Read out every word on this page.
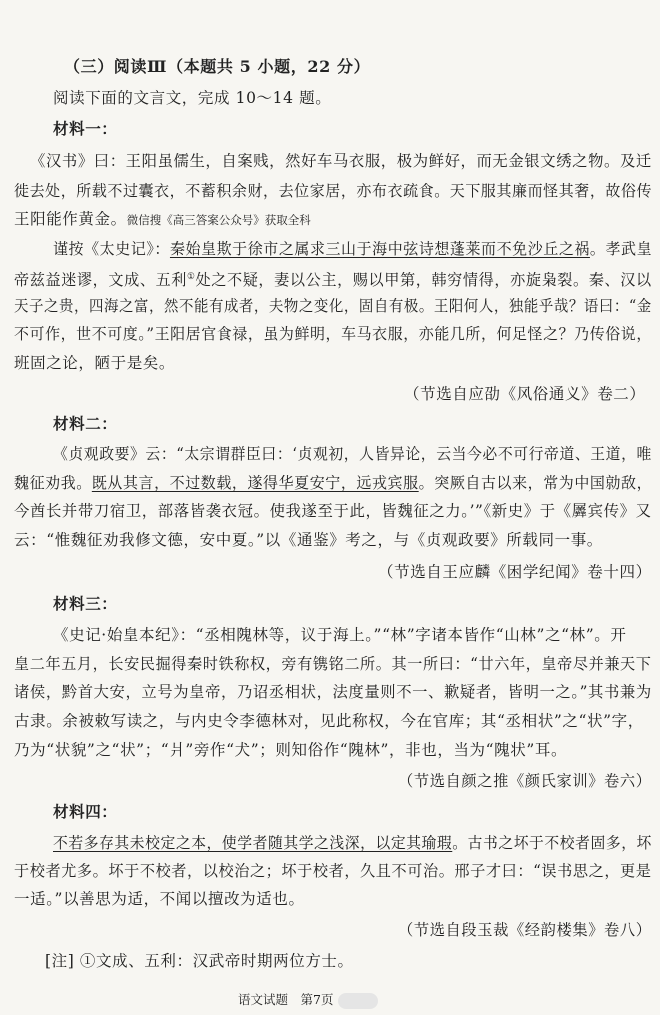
（三）阅读Ⅲ（本题共 5 小题，22 分）
阅读下面的文言文，完成 10～14 题。
材料一：
《汉书》曰：王阳虽儒生，自案贱，然好车马衣服，极为鲜好，而无金银文绣之物。及迁
徙去处，所载不过囊衣，不蓄积余财，去位家居，亦布衣疏食。天下服其廉而怪其奢，故俗传
王阳能作黄金。微信搜《高三答案公众号》获取全科
谨按《太史记》：秦始皇欺于徐市之属求三山于海中弦诗想蓬莱而不免沙丘之祸。孝武皇
帝兹益迷谬，文成、五利①处之不疑，妻以公主，赐以甲第，韩穷情得，亦旋枭裂。秦、汉以
天子之贵，四海之富，然不能有成者，夫物之变化，固自有极。王阳何人，独能乎哉？语曰：“金
不可作，世不可度。”王阳居官食禄，虽为鲜明，车马衣服，亦能几所，何足怪之？乃传俗说，
班固之论，陋于是矣。
（节选自应劭《风俗通义》卷二）
材料二：
《贞观政要》云：“太宗谓群臣曰：‘贞观初，人皆异论，云当今必不可行帝道、王道，唯
魏征劝我。既从其言，不过数载，遂得华夏安宁，远戎宾服。突厥自古以来，常为中国勍敌，
今酋长并带刀宿卫，部落皆袭衣冠。使我遂至于此，皆魏征之力。’”《新史》于《羼宾传》又
云：“惟魏征劝我修文德，安中夏。”以《通鉴》考之，与《贞观政要》所载同一事。
（节选自王应麟《困学纪闻》卷十四）
材料三：
《史记·始皇本纪》：“丞相隗林等，议于海上。”“林”字诸本皆作“山林”之“林”。开
皇二年五月，长安民掘得秦时铁称权，旁有镌铭二所。其一所曰：“廿六年，皇帝尽并兼天下
诸侯，黔首大安，立号为皇帝，乃诏丞相状，法度量则不一、歉疑者，皆明一之。”其书兼为
古隶。余被敕写读之，与内史令李德林对，见此称权，今在官库；其“丞相状”之“状”字，
乃为“状貌”之“状”；“爿”旁作“犬”；则知俗作“隗林”，非也，当为“隗状”耳。
（节选自颜之推《颜氏家训》卷六）
材料四：
不若多存其未校定之本，使学者随其学之浅深，以定其瑜瑕。古书之坏于不校者固多，坏
于校者尤多。坏于不校者，以校治之；坏于校者，久且不可治。邢子才曰：“误书思之，更是
一适。”以善思为适，不闻以擅改为适也。
（节选自段玉裁《经韵楼集》卷八）
[注] ①文成、五利：汉武帝时期两位方士。
语文试题　第7页
